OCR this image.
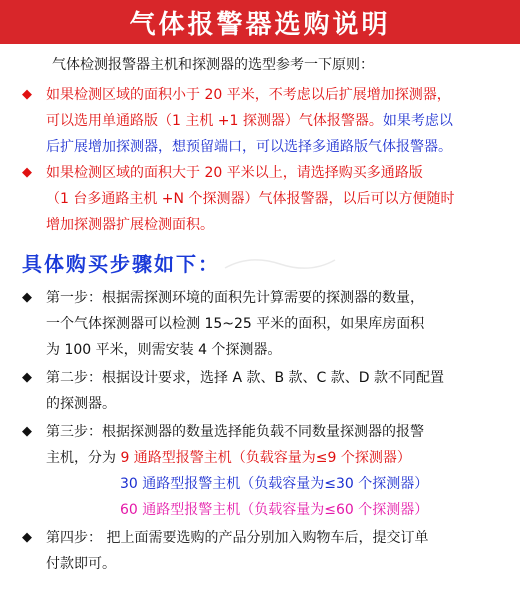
气体报警器选购说明
气体检测报警器主机和探测器的选型参考一下原则：
◆ 如果检测区域的面积小于 20 平米，不考虑以后扩展增加探测器，
可以选用单通路版（1 主机 +1 探测器）气体报警器。如果考虑以
后扩展增加探测器，想预留端口，可以选择多通路版气体报警器。
◆ 如果检测区域的面积大于 20 平米以上，请选择购买多通路版
（1 台多通路主机 +N 个探测器）气体报警器，以后可以方便随时
增加探测器扩展检测面积。
具体购买步骤如下：
◆ 第一步：根据需探测环境的面积先计算需要的探测器的数量，
一个气体探测器可以检测 15~25 平米的面积，如果库房面积
为 100 平米，则需安装 4 个探测器。
◆ 第二步：根据设计要求，选择 A 款、B 款、C 款、D 款不同配置
的探测器。
◆ 第三步：根据探测器的数量选择能负载不同数量探测器的报警
主机，分为 9 通路型报警主机（负载容量为≤9 个探测器）
30 通路型报警主机（负载容量为≤30 个探测器）
60 通路型报警主机（负载容量为≤60 个探测器）
◆ 第四步： 把上面需要选购的产品分别加入购物车后，提交订单
付款即可。
